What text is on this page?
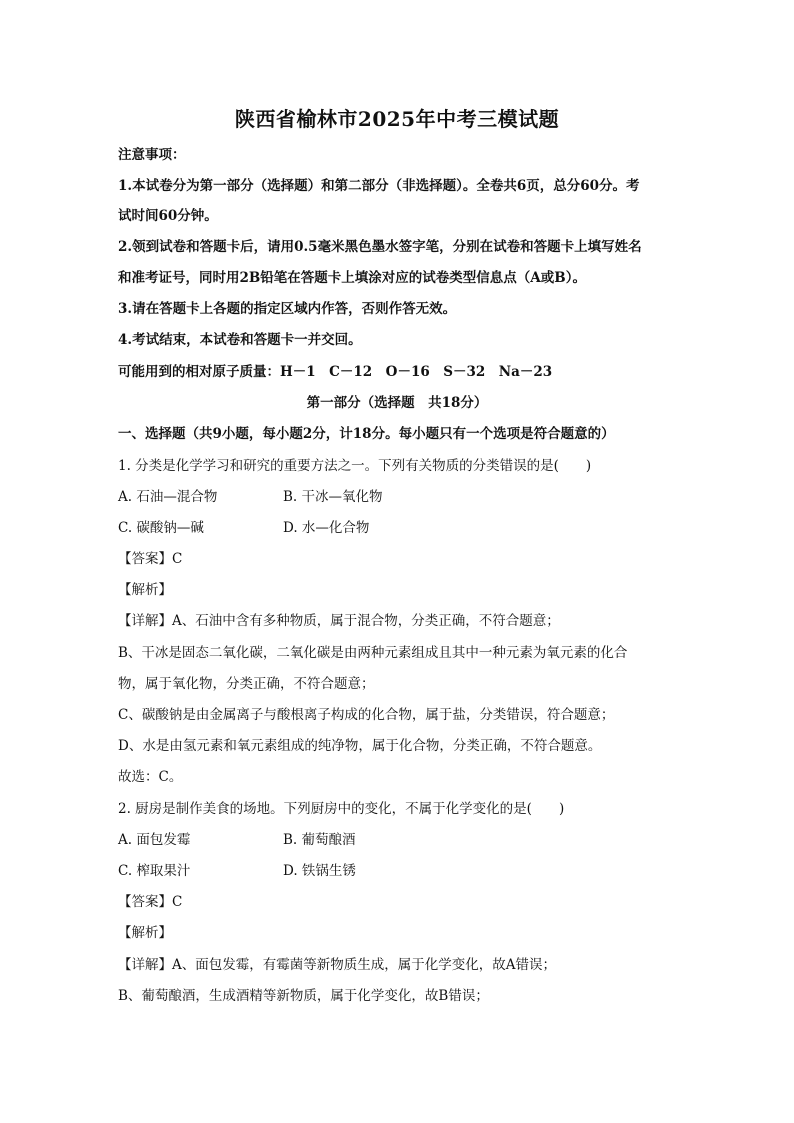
陕西省榆林市2025年中考三模试题
注意事项：
1.本试卷分为第一部分（选择题）和第二部分（非选择题）。全卷共6页，总分60分。考
试时间60分钟。
2.领到试卷和答题卡后，请用0.5毫米黑色墨水签字笔，分别在试卷和答题卡上填写姓名
和准考证号，同时用2B铅笔在答题卡上填涂对应的试卷类型信息点（A或B）。
3.请在答题卡上各题的指定区域内作答，否则作答无效。
4.考试结束，本试卷和答题卡一并交回。
可能用到的相对原子质量：H－1　C－12　O－16　S－32　Na－23
第一部分（选择题　共18分）
一、选择题（共9小题，每小题2分，计18分。每小题只有一个选项是符合题意的）
1. 分类是化学学习和研究的重要方法之一。下列有关物质的分类错误的是(　　)
A. 石油—混合物	B. 干冰—氧化物
C. 碳酸钠—碱	D. 水—化合物
【答案】C
【解析】
【详解】A、石油中含有多种物质，属于混合物，分类正确，不符合题意；
B、干冰是固态二氧化碳，二氧化碳是由两种元素组成且其中一种元素为氧元素的化合
物，属于氧化物，分类正确，不符合题意；
C、碳酸钠是由金属离子与酸根离子构成的化合物，属于盐，分类错误，符合题意；
D、水是由氢元素和氧元素组成的纯净物，属于化合物，分类正确，不符合题意。
故选：C。
2. 厨房是制作美食的场地。下列厨房中的变化，不属于化学变化的是(　　)
A. 面包发霉	B. 葡萄酿酒
C. 榨取果汁	D. 铁锅生锈
【答案】C
【解析】
【详解】A、面包发霉，有霉菌等新物质生成，属于化学变化，故A错误；
B、葡萄酿酒，生成酒精等新物质，属于化学变化，故B错误；
